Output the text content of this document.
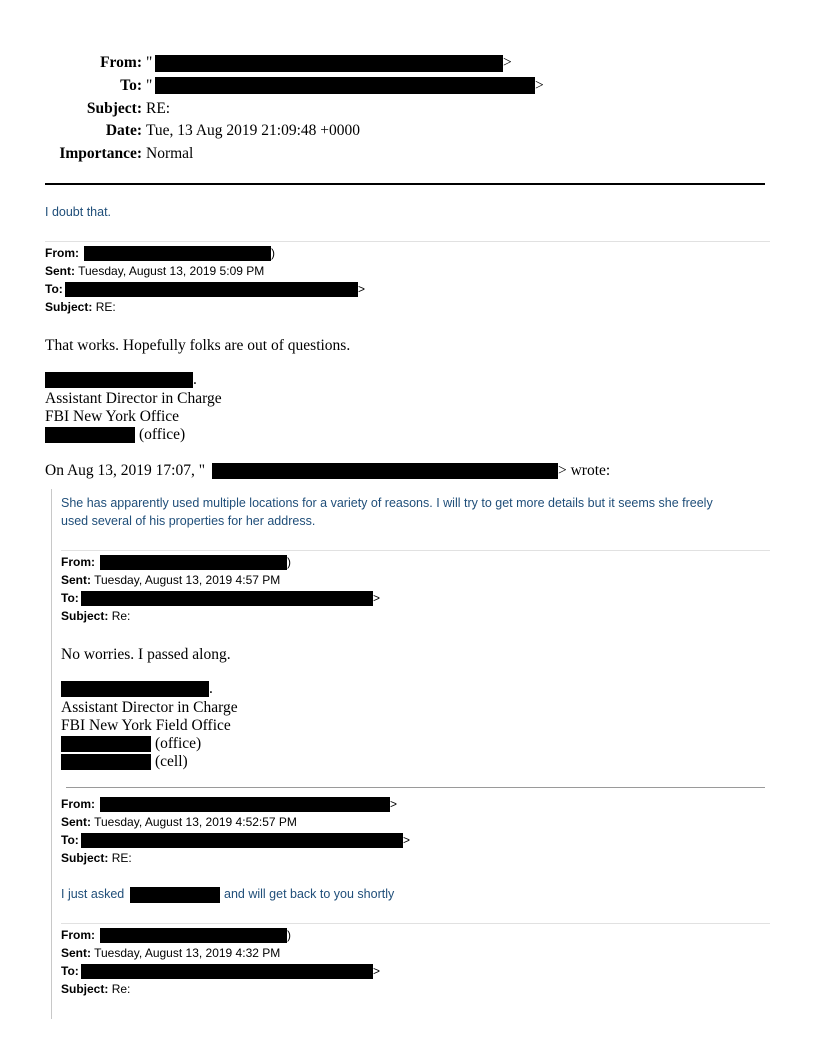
From: "	>
To: "	>
Subject: RE:
Date: Tue, 13 Aug 2019 21:09:48 +0000
Importance: Normal
I doubt that.
From:	)
Sent: Tuesday, August 13, 2019 5:09 PM
To:	>
Subject: RE:
That works. Hopefully folks are out of questions.
.
Assistant Director in Charge
FBI New York Office
(office)
On Aug 13, 2019 17:07, "	> wrote:
She has apparently used multiple locations for a variety of reasons. I will try to get more details but it seems she freely
used several of his properties for her address.
From:	)
Sent: Tuesday, August 13, 2019 4:57 PM
To:	>
Subject: Re:
No worries. I passed along.
.
Assistant Director in Charge
FBI New York Field Office
(office)
(cell)
From:	>
Sent: Tuesday, August 13, 2019 4:52:57 PM
To:	>
Subject: RE:
I just asked	and will get back to you shortly
From:	)
Sent: Tuesday, August 13, 2019 4:32 PM
To:	>
Subject: Re:
